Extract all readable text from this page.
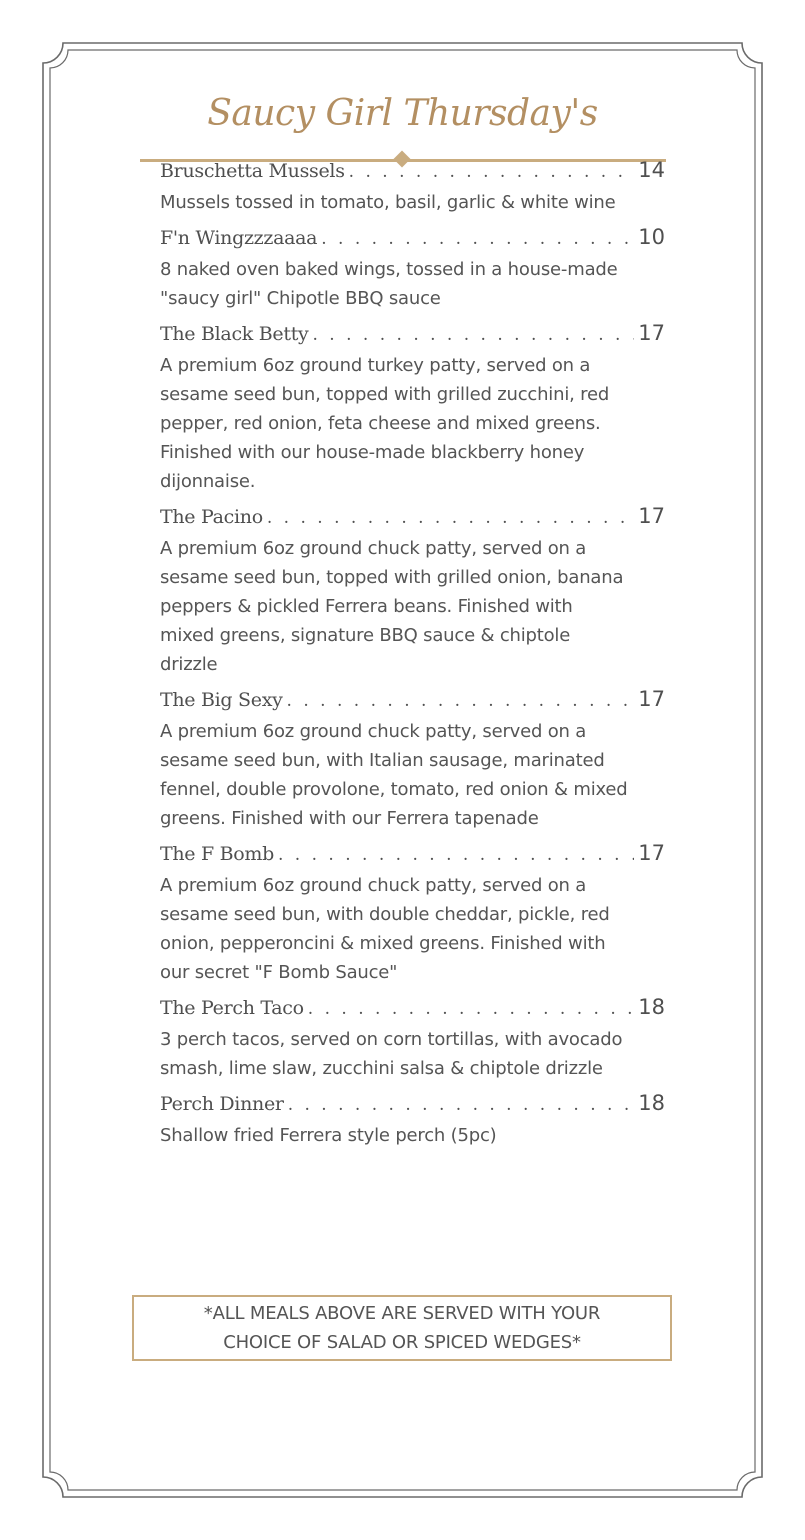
Saucy Girl Thursday's
Bruschetta Mussels . . .	14
Mussels tossed in tomato, basil, garlic & white wine
F'n Wingzzzaaaa . . .	10
8 naked oven baked wings, tossed in a house-made "saucy girl" Chipotle BBQ sauce
The Black Betty . . .	17
A premium 6oz ground turkey patty, served on a sesame seed bun, topped with grilled zucchini, red pepper, red onion, feta cheese and mixed greens. Finished with our house-made blackberry honey dijonnaise.
The Pacino . . .	17
A premium 6oz ground chuck patty, served on a sesame seed bun, topped with grilled onion, banana peppers & pickled Ferrera beans. Finished with mixed greens, signature BBQ sauce & chiptole drizzle
The Big Sexy . . .	17
A premium 6oz ground chuck patty, served on a sesame seed bun, with Italian sausage, marinated fennel, double provolone, tomato, red onion & mixed greens. Finished with our Ferrera tapenade
The F Bomb . . .	17
A premium 6oz ground chuck patty, served on a sesame seed bun, with double cheddar, pickle, red onion, pepperoncini & mixed greens. Finished with our secret "F Bomb Sauce"
The Perch Taco . . .	18
3 perch tacos, served on corn tortillas, with avocado smash, lime slaw, zucchini salsa & chiptole drizzle
Perch Dinner . . .	18
Shallow fried Ferrera style perch (5pc)
*ALL MEALS ABOVE ARE SERVED WITH YOUR CHOICE OF SALAD OR SPICED WEDGES*
